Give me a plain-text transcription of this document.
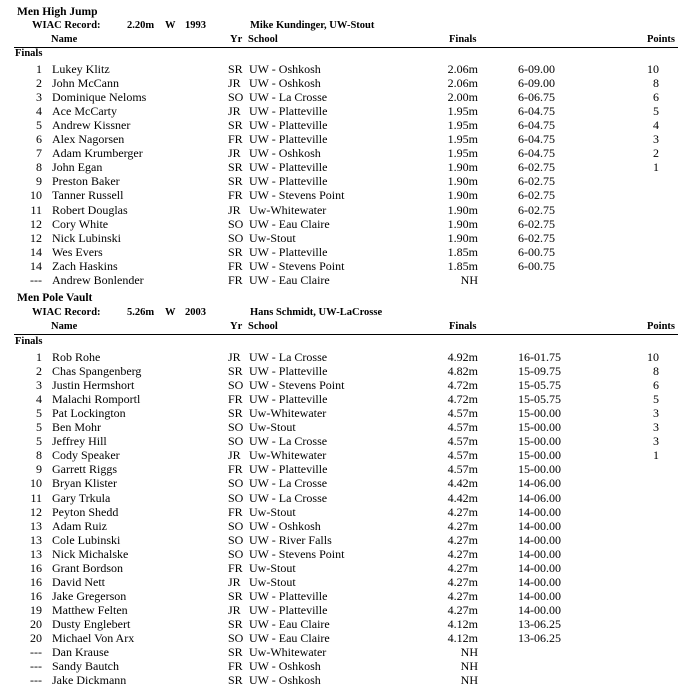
Men High Jump
WIAC Record:	2.20m W 1993	Mike Kundinger, UW-Stout
Name	Yr School	Finals	Points
Finals
1 Lukey Klitz	SR UW - Oshkosh	2.06m	6-09.00	10
2 John McCann	JR UW - Oshkosh	2.06m	6-09.00	8
3 Dominique Neloms	SO UW - La Crosse	2.00m	6-06.75	6
4 Ace McCarty	JR UW - Platteville	1.95m	6-04.75	5
5 Andrew Kissner	SR UW - Platteville	1.95m	6-04.75	4
6 Alex Nagorsen	FR UW - Platteville	1.95m	6-04.75	3
7 Adam Krumberger	JR UW - Oshkosh	1.95m	6-04.75	2
8 John Egan	SR UW - Platteville	1.90m	6-02.75	1
9 Preston Baker	SR UW - Platteville	1.90m	6-02.75
10 Tanner Russell	FR UW - Stevens Point	1.90m	6-02.75
11 Robert Douglas	JR Uw-Whitewater	1.90m	6-02.75
12 Cory White	SO UW - Eau Claire	1.90m	6-02.75
12 Nick Lubinski	SO Uw-Stout	1.90m	6-02.75
14 Wes Evers	SR UW - Platteville	1.85m	6-00.75
14 Zach Haskins	FR UW - Stevens Point	1.85m	6-00.75
--- Andrew Bonlender	FR UW - Eau Claire	NH
Men Pole Vault
WIAC Record:	5.26m W 2003	Hans Schmidt, UW-LaCrosse
Name	Yr School	Finals	Points
Finals
1 Rob Rohe	JR UW - La Crosse	4.92m	16-01.75	10
2 Chas Spangenberg	SR UW - Platteville	4.82m	15-09.75	8
3 Justin Hermshort	SO UW - Stevens Point	4.72m	15-05.75	6
4 Malachi Romportl	FR UW - Platteville	4.72m	15-05.75	5
5 Pat Lockington	SR Uw-Whitewater	4.57m	15-00.00	3
5 Ben Mohr	SO Uw-Stout	4.57m	15-00.00	3
5 Jeffrey Hill	SO UW - La Crosse	4.57m	15-00.00	3
8 Cody Speaker	JR Uw-Whitewater	4.57m	15-00.00	1
9 Garrett Riggs	FR UW - Platteville	4.57m	15-00.00
10 Bryan Klister	SO UW - La Crosse	4.42m	14-06.00
11 Gary Trkula	SO UW - La Crosse	4.42m	14-06.00
12 Peyton Shedd	FR Uw-Stout	4.27m	14-00.00
13 Adam Ruiz	SO UW - Oshkosh	4.27m	14-00.00
13 Cole Lubinski	SO UW - River Falls	4.27m	14-00.00
13 Nick Michalske	SO UW - Stevens Point	4.27m	14-00.00
16 Grant Bordson	FR Uw-Stout	4.27m	14-00.00
16 David Nett	JR Uw-Stout	4.27m	14-00.00
16 Jake Gregerson	SR UW - Platteville	4.27m	14-00.00
19 Matthew Felten	JR UW - Platteville	4.27m	14-00.00
20 Dusty Englebert	SR UW - Eau Claire	4.12m	13-06.25
20 Michael Von Arx	SO UW - Eau Claire	4.12m	13-06.25
--- Dan Krause	SR Uw-Whitewater	NH
--- Sandy Bautch	FR UW - Oshkosh	NH
--- Jake Dickmann	SR UW - Oshkosh	NH
